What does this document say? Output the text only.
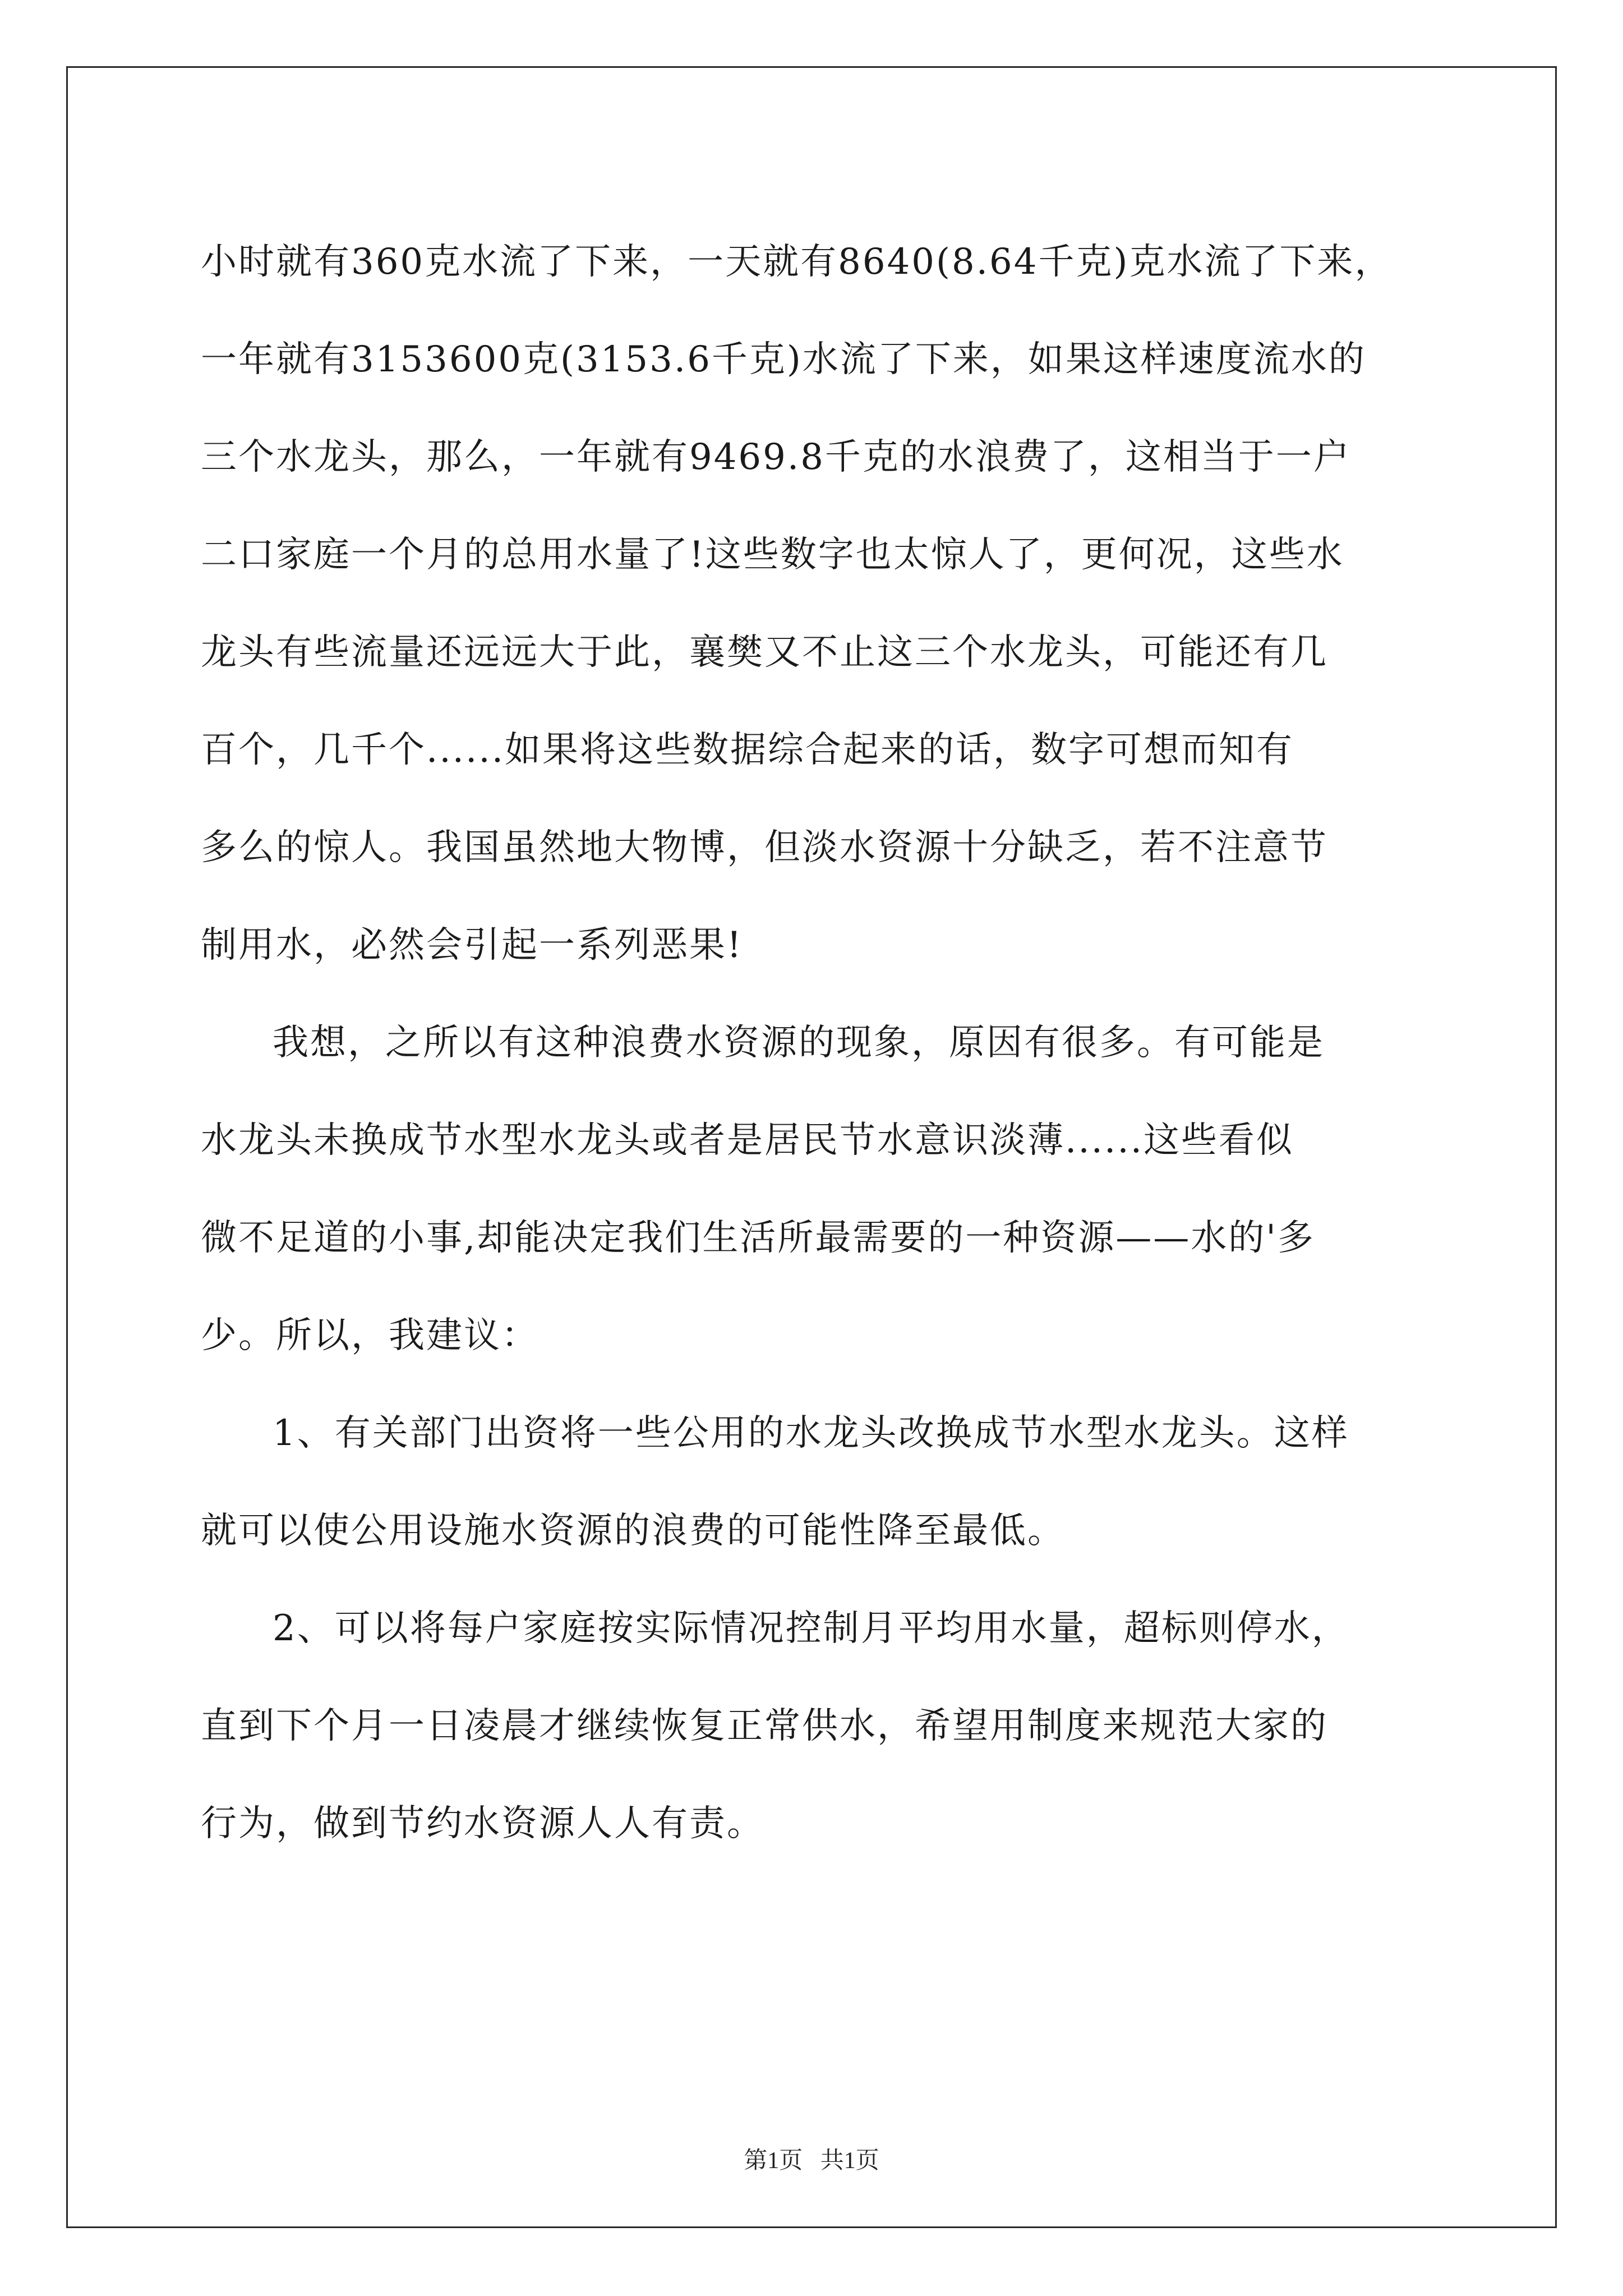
小时就有360克水流了下来，一天就有8640(8.64千克)克水流了下来，
一年就有3153600克(3153.6千克)水流了下来，如果这样速度流水的
三个水龙头，那么，一年就有9469.8千克的水浪费了，这相当于一户
二口家庭一个月的总用水量了!这些数字也太惊人了，更何况，这些水
龙头有些流量还远远大于此，襄樊又不止这三个水龙头，可能还有几
百个，几千个......如果将这些数据综合起来的话，数字可想而知有
多么的惊人。我国虽然地大物博，但淡水资源十分缺乏，若不注意节
制用水，必然会引起一系列恶果!
我想，之所以有这种浪费水资源的现象，原因有很多。有可能是
水龙头未换成节水型水龙头或者是居民节水意识淡薄......这些看似
微不足道的小事,却能决定我们生活所最需要的一种资源——水的'多
少。所以，我建议：
1、有关部门出资将一些公用的水龙头改换成节水型水龙头。这样
就可以使公用设施水资源的浪费的可能性降至最低。
2、可以将每户家庭按实际情况控制月平均用水量，超标则停水，
直到下个月一日凌晨才继续恢复正常供水，希望用制度来规范大家的
行为，做到节约水资源人人有责。
第1页   共1页
